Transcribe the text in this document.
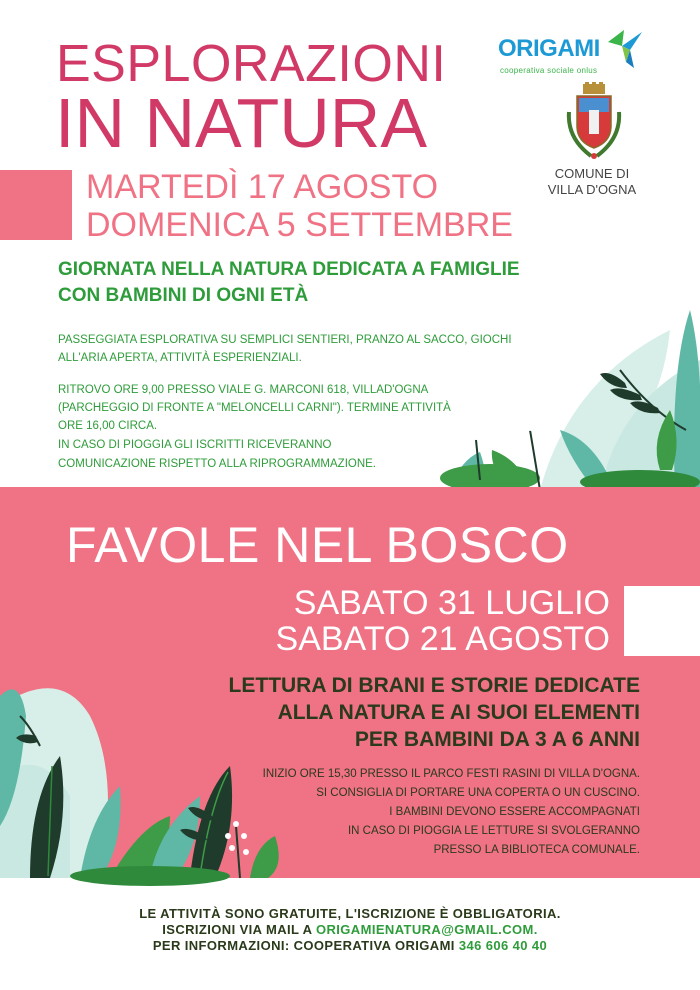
ESPLORAZIONI
IN NATURA
MARTEDÌ 17 AGOSTO
DOMENICA 5 SETTEMBRE
ORIGAMI
cooperativa sociale onlus
COMUNE DI
VILLA D'OGNA
GIORNATA NELLA NATURA DEDICATA A FAMIGLIE
CON BAMBINI DI OGNI ETÀ
PASSEGGIATA ESPLORATIVA SU SEMPLICI SENTIERI, PRANZO AL SACCO, GIOCHI
ALL'ARIA APERTA, ATTIVITÀ ESPERIENZIALI.
RITROVO ORE 9,00 PRESSO VIALE G. MARCONI 618, VILLAD'OGNA
(PARCHEGGIO DI FRONTE A "MELONCELLI CARNI"). TERMINE ATTIVITÀ
ORE 16,00 CIRCA.
IN CASO DI PIOGGIA GLI ISCRITTI RICEVERANNO
COMUNICAZIONE RISPETTO ALLA RIPROGRAMMAZIONE.
FAVOLE NEL BOSCO
SABATO 31 LUGLIO
SABATO 21 AGOSTO
LETTURA DI BRANI E STORIE DEDICATE
ALLA NATURA E AI SUOI ELEMENTI
PER BAMBINI DA 3 A 6 ANNI
INIZIO ORE 15,30 PRESSO IL PARCO FESTI RASINI DI VILLA D'OGNA.
SI CONSIGLIA DI PORTARE UNA COPERTA O UN CUSCINO.
I BAMBINI DEVONO ESSERE ACCOMPAGNATI
IN CASO DI PIOGGIA LE LETTURE SI SVOLGERANNO
PRESSO LA BIBLIOTECA COMUNALE.
LE ATTIVITÀ SONO GRATUITE, L'ISCRIZIONE È OBBLIGATORIA.
ISCRIZIONI VIA MAIL A ORIGAMIENATURA@GMAIL.COM.
PER INFORMAZIONI: COOPERATIVA ORIGAMI 346 606 40 40
